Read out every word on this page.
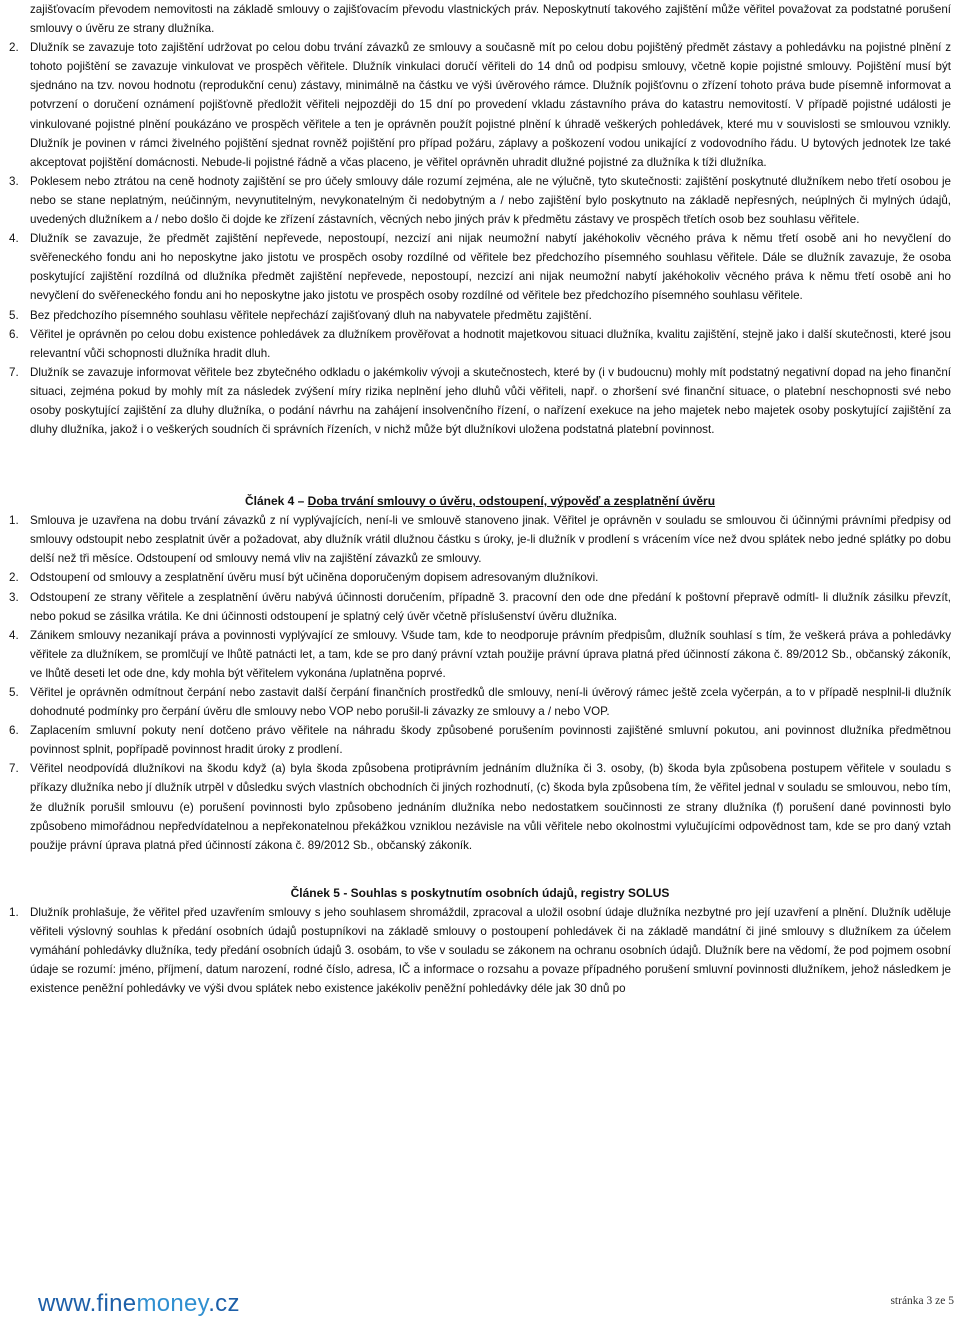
zajišťovacím převodem nemovitosti na základě smlouvy o zajišťovacím převodu vlastnických práv. Neposkytnutí takového zajištění může věřitel považovat za podstatné porušení smlouvy o úvěru ze strany dlužníka.
2. Dlužník se zavazuje toto zajištění udržovat po celou dobu trvání závazků ze smlouvy a současně mít po celou dobu pojištěný předmět zástavy a pohledávku na pojistné plnění z tohoto pojištění se zavazuje vinkulovat ve prospěch věřitele. Dlužník vinkulaci doručí věřiteli do 14 dnů od podpisu smlouvy, včetně kopie pojistné smlouvy. Pojištění musí být sjednáno na tzv. novou hodnotu (reprodukční cenu) zástavy, minimálně na částku ve výši úvěrového rámce. Dlužník pojišťovnu o zřízení tohoto práva bude písemně informovat a potvrzení o doručení oznámení pojišťovně předložit věřiteli nejpozději do 15 dní po provedení vkladu zástavního práva do katastru nemovitostí. V případě pojistné události je vinkulované pojistné plnění poukázáno ve prospěch věřitele a ten je oprávněn použít pojistné plnění k úhradě veškerých pohledávek, které mu v souvislosti se smlouvou vznikly. Dlužník je povinen v rámci živelného pojištění sjednat rovněž pojištění pro případ požáru, záplavy a poškození vodou unikající z vodovodního řádu. U bytových jednotek lze také akceptovat pojištění domácnosti. Nebude-li pojistné řádně a včas placeno, je věřitel oprávněn uhradit dlužné pojistné za dlužníka k tíži dlužníka.
3. Poklesem nebo ztrátou na ceně hodnoty zajištění se pro účely smlouvy dále rozumí zejména, ale ne výlučně, tyto skutečnosti: zajištění poskytnuté dlužníkem nebo třetí osobou je nebo se stane neplatným, neúčinným, nevynutitelným, nevykonatelným či nedobytným a / nebo zajištění bylo poskytnuto na základě nepřesných, neúplných či mylných údajů, uvedených dlužníkem a / nebo došlo či dojde ke zřízení zástavních, věcných nebo jiných práv k předmětu zástavy ve prospěch třetích osob bez souhlasu věřitele.
4. Dlužník se zavazuje, že předmět zajištění nepřevede, nepostoupí, nezcizí ani nijak neumožní nabytí jakéhokoliv věcného práva k němu třetí osobě ani ho nevyčlení do svěřeneckého fondu ani ho neposkytne jako jistotu ve prospěch osoby rozdílné od věřitele bez předchozího písemného souhlasu věřitele. Dále se dlužník zavazuje, že osoba poskytující zajištění rozdílná od dlužníka předmět zajištění nepřevede, nepostoupí, nezcizí ani nijak neumožní nabytí jakéhokoliv věcného práva k němu třetí osobě ani ho nevyčlení do svěřeneckého fondu ani ho neposkytne jako jistotu ve prospěch osoby rozdílné od věřitele bez předchozího písemného souhlasu věřitele.
5. Bez předchozího písemného souhlasu věřitele nepřechází zajišťovaný dluh na nabyvatele předmětu zajištění.
6. Věřitel je oprávněn po celou dobu existence pohledávek za dlužníkem prověřovat a hodnotit majetkovou situaci dlužníka, kvalitu zajištění, stejně jako i další skutečnosti, které jsou relevantní vůči schopnosti dlužníka hradit dluh.
7. Dlužník se zavazuje informovat věřitele bez zbytečného odkladu o jakémkoliv vývoji a skutečnostech, které by (i v budoucnu) mohly mít podstatný negativní dopad na jeho finanční situaci, zejména pokud by mohly mít za následek zvýšení míry rizika neplnění jeho dluhů vůči věřiteli, např. o zhoršení své finanční situace, o platební neschopnosti své nebo osoby poskytující zajištění za dluhy dlužníka, o podání návrhu na zahájení insolvenčního řízení, o nařízení exekuce na jeho majetek nebo majetek osoby poskytující zajištění za dluhy dlužníka, jakož i o veškerých soudních či správních řízeních, v nichž může být dlužníkovi uložena podstatná platební povinnost.
Článek 4 – Doba trvání smlouvy o úvěru, odstoupení, výpověď a zesplatnění úvěru
1. Smlouva je uzavřena na dobu trvání závazků z ní vyplývajících, není-li ve smlouvě stanoveno jinak. Věřitel je oprávněn v souladu se smlouvou či účinnými právními předpisy od smlouvy odstoupit nebo zesplatnit úvěr a požadovat, aby dlužník vrátil dlužnou částku s úroky, je-li dlužník v prodlení s vrácením více než dvou splátek nebo jedné splátky po dobu delší než tři měsíce. Odstoupení od smlouvy nemá vliv na zajištění závazků ze smlouvy.
2. Odstoupení od smlouvy a zesplatnění úvěru musí být učiněna doporučeným dopisem adresovaným dlužníkovi.
3. Odstoupení ze strany věřitele a zesplatnění úvěru nabývá účinnosti doručením, případně 3. pracovní den ode dne předání k poštovní přepravě odmítl- li dlužník zásilku převzít, nebo pokud se zásilka vrátila. Ke dni účinnosti odstoupení je splatný celý úvěr včetně příslušenství úvěru dlužníka.
4. Zánikem smlouvy nezanikají práva a povinnosti vyplývající ze smlouvy. Všude tam, kde to neodporuje právním předpisům, dlužník souhlasí s tím, že veškerá práva a pohledávky věřitele za dlužníkem, se promlčují ve lhůtě patnácti let, a tam, kde se pro daný právní vztah použije právní úprava platná před účinností zákona č. 89/2012 Sb., občanský zákoník, ve lhůtě deseti let ode dne, kdy mohla být věřitelem vykonána /uplatněna poprvé.
5. Věřitel je oprávněn odmítnout čerpání nebo zastavit další čerpání finančních prostředků dle smlouvy, není-li úvěrový rámec ještě zcela vyčerpán, a to v případě nesplnil-li dlužník dohodnuté podmínky pro čerpání úvěru dle smlouvy nebo VOP nebo porušil-li závazky ze smlouvy a / nebo VOP.
6. Zaplacením smluvní pokuty není dotčeno právo věřitele na náhradu škody způsobené porušením povinnosti zajištěné smluvní pokutou, ani povinnost dlužníka předmětnou povinnost splnit, popřípadě povinnost hradit úroky z prodlení.
7. Věřitel neodpovídá dlužníkovi na škodu když (a) byla škoda způsobena protiprávním jednáním dlužníka či 3. osoby, (b) škoda byla způsobena postupem věřitele v souladu s příkazy dlužníka nebo jí dlužník utrpěl v důsledku svých vlastních obchodních či jiných rozhodnutí, (c) škoda byla způsobena tím, že věřitel jednal v souladu se smlouvou, nebo tím, že dlužník porušil smlouvu (e) porušení povinnosti bylo způsobeno jednáním dlužníka nebo nedostatkem součinnosti ze strany dlužníka (f) porušení dané povinnosti bylo způsobeno mimořádnou nepředvídatelnou a nepřekonatelnou překážkou vzniklou nezávisle na vůli věřitele nebo okolnostmi vylučujícími odpovědnost tam, kde se pro daný vztah použije právní úprava platná před účinností zákona č. 89/2012 Sb., občanský zákoník.
Článek 5 - Souhlas s poskytnutím osobních údajů, registry SOLUS
1. Dlužník prohlašuje, že věřitel před uzavřením smlouvy s jeho souhlasem shromáždil, zpracoval a uložil osobní údaje dlužníka nezbytné pro její uzavření a plnění. Dlužník uděluje věřiteli výslovný souhlas k předání osobních údajů postupníkovi na základě smlouvy o postoupení pohledávek či na základě mandátní či jiné smlouvy s dlužníkem za účelem vymáhání pohledávky dlužníka, tedy předání osobních údajů 3. osobám, to vše v souladu se zákonem na ochranu osobních údajů. Dlužník bere na vědomí, že pod pojmem osobní údaje se rozumí: jméno, příjmení, datum narození, rodné číslo, adresa, IČ a informace o rozsahu a povaze případného porušení smluvní povinnosti dlužníkem, jehož následkem je existence peněžní pohledávky ve výši dvou splátek nebo existence jakékoliv peněžní pohledávky déle jak 30 dnů po
www.finemoney.cz	stránka 3 ze 5
